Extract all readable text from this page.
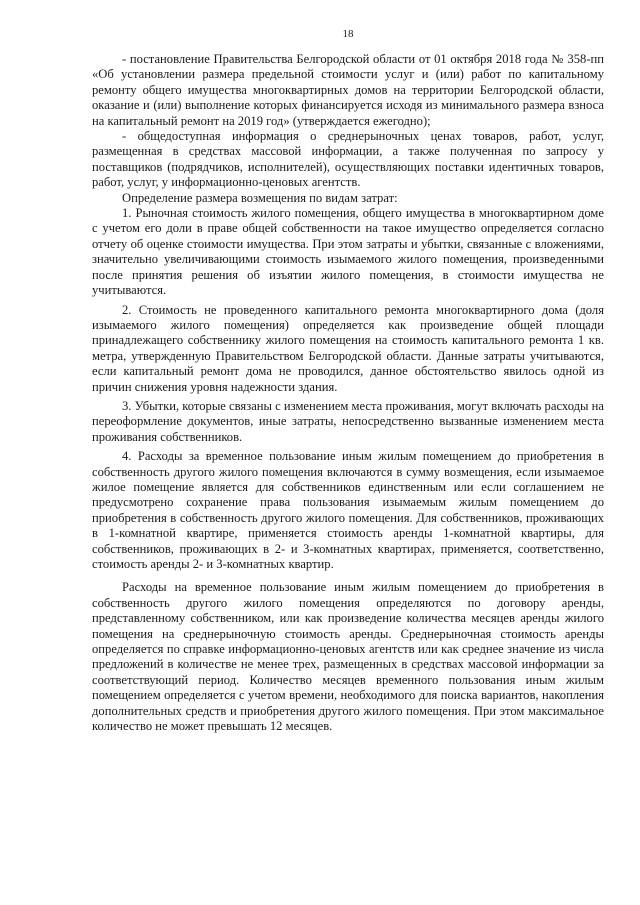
18

- постановление Правительства Белгородской области от 01 октября 2018 года № 358-пп «Об установлении размера предельной стоимости услуг и (или) работ по капитальному ремонту общего имущества многоквартирных домов на территории Белгородской области, оказание и (или) выполнение которых финансируется исходя из минимального размера взноса на капитальный ремонт на 2019 год» (утверждается ежегодно);

- общедоступная информация о среднерыночных ценах товаров, работ, услуг, размещенная в средствах массовой информации, а также полученная по запросу у поставщиков (подрядчиков, исполнителей), осуществляющих поставки идентичных товаров, работ, услуг, у информационно-ценовых агентств.

Определение размера возмещения по видам затрат:

1. Рыночная стоимость жилого помещения, общего имущества в многоквартирном доме с учетом его доли в праве общей собственности на такое имущество определяется согласно отчету об оценке стоимости имущества. При этом затраты и убытки, связанные с вложениями, значительно увеличивающими стоимость изымаемого жилого помещения, произведенными после принятия решения об изъятии жилого помещения, в стоимости имущества не учитываются.

2. Стоимость не проведенного капитального ремонта многоквартирного дома (доля изымаемого жилого помещения) определяется как произведение общей площади принадлежащего собственнику жилого помещения на стоимость капитального ремонта 1 кв. метра, утвержденную Правительством Белгородской области. Данные затраты учитываются, если капитальный ремонт дома не проводился, данное обстоятельство явилось одной из причин снижения уровня надежности здания.

3. Убытки, которые связаны с изменением места проживания, могут включать расходы на переоформление документов, иные затраты, непосредственно вызванные изменением места проживания собственников.

4. Расходы за временное пользование иным жилым помещением до приобретения в собственность другого жилого помещения включаются в сумму возмещения, если изымаемое жилое помещение является для собственников единственным или если соглашением не предусмотрено сохранение права пользования изымаемым жилым помещением до приобретения в собственность другого жилого помещения. Для собственников, проживающих в 1-комнатной квартире, применяется стоимость аренды 1-комнатной квартиры, для собственников, проживающих в 2- и 3-комнатных квартирах, применяется, соответственно, стоимость аренды 2- и 3-комнатных квартир.

Расходы на временное пользование иным жилым помещением до приобретения в собственность другого жилого помещения определяются по договору аренды, представленному собственником, или как произведение количества месяцев аренды жилого помещения на среднерыночную стоимость аренды. Среднерыночная стоимость аренды определяется по справке информационно-ценовых агентств или как среднее значение из числа предложений в количестве не менее трех, размещенных в средствах массовой информации за соответствующий период. Количество месяцев временного пользования иным жилым помещением определяется с учетом времени, необходимого для поиска вариантов, накопления дополнительных средств и приобретения другого жилого помещения. При этом максимальное количество не может превышать 12 месяцев.
